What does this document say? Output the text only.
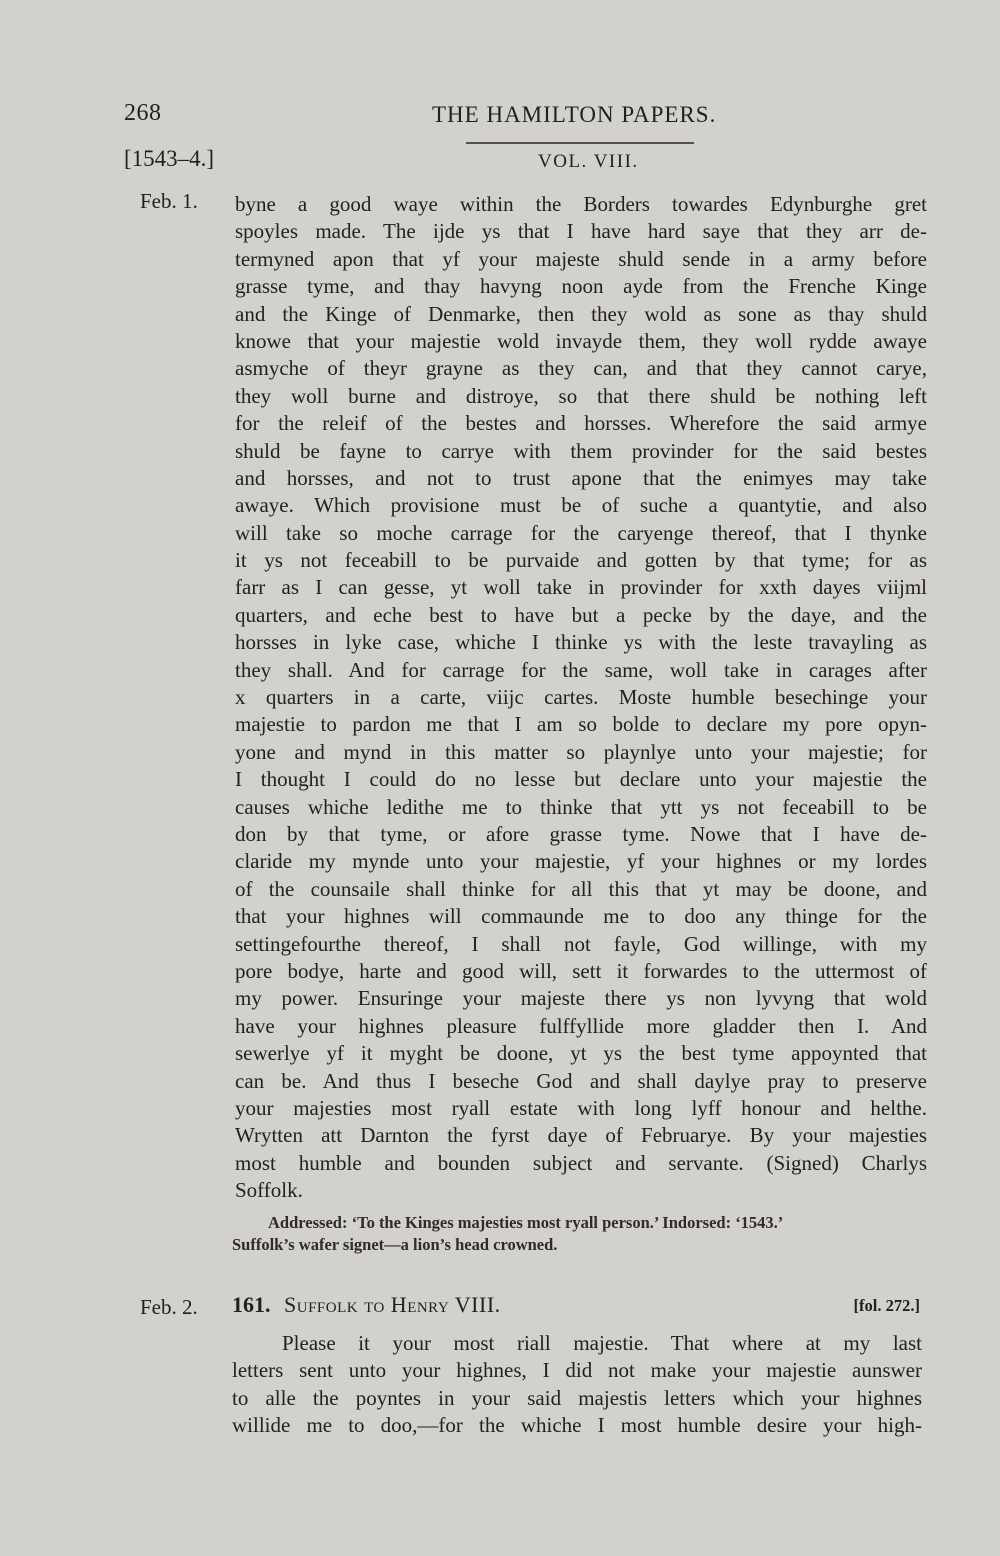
268	THE HAMILTON PAPERS.
[1543–4.]	VOL. VIII.
Feb. 1. byne a good waye within the Borders towardes Edynburghe gret
spoyles made. The ijde ys that I have hard saye that they arr de-
termyned apon that yf your majeste shuld sende in a army before
grasse tyme, and thay havyng noon ayde from the Frenche Kinge
and the Kinge of Denmarke, then they wold as sone as thay shuld
knowe that your majestie wold invayde them, they woll rydde awaye
asmyche of theyr grayne as they can, and that they cannot carye,
they woll burne and distroye, so that there shuld be nothing left
for the releif of the bestes and horsses. Wherefore the said armye
shuld be fayne to carrye with them provinder for the said bestes
and horsses, and not to trust apone that the enimyes may take
awaye. Which provisione must be of suche a quantytie, and also
will take so moche carrage for the caryenge thereof, that I thynke
it ys not feceabill to be purvaide and gotten by that tyme; for as
farr as I can gesse, yt woll take in provinder for xxth dayes viijml
quarters, and eche best to have but a pecke by the daye, and the
horsses in lyke case, whiche I thinke ys with the leste travayling as
they shall. And for carrage for the same, woll take in carages after
x quarters in a carte, viijc cartes. Moste humble besechinge your
majestie to pardon me that I am so bolde to declare my pore opyn-
yone and mynd in this matter so playnlye unto your majestie; for
I thought I could do no lesse but declare unto your majestie the
causes whiche ledithe me to thinke that ytt ys not feceabill to be
don by that tyme, or afore grasse tyme. Nowe that I have de-
claride my mynde unto your majestie, yf your highnes or my lordes
of the counsaile shall thinke for all this that yt may be doone, and
that your highnes will commaunde me to doo any thinge for the
settingefourthe thereof, I shall not fayle, God willinge, with my
pore bodye, harte and good will, sett it forwardes to the uttermost of
my power. Ensuringe your majeste there ys non lyvyng that wold
have your highnes pleasure fulffyllide more gladder then I. And
sewerlye yf it myght be doone, yt ys the best tyme appoynted that
can be. And thus I beseche God and shall daylye pray to preserve
your majesties most ryall estate with long lyff honour and helthe.
Wrytten att Darnton the fyrst daye of Februarye. By your majesties
most humble and bounden subject and servante. (Signed) Charlys
Soffolk.
Addressed: ‘To the Kinges majesties most ryall person.’ Indorsed: ‘1543.’
Suffolk’s wafer signet—a lion’s head crowned.
Feb. 2. 161. Suffolk to Henry VIII.	[fol. 272.]
Please it your most riall majestie. That where at my last
letters sent unto your highnes, I did not make your majestie aunswer
to alle the poyntes in your said majestis letters which your highnes
willide me to doo,—for the whiche I most humble desire your high-
